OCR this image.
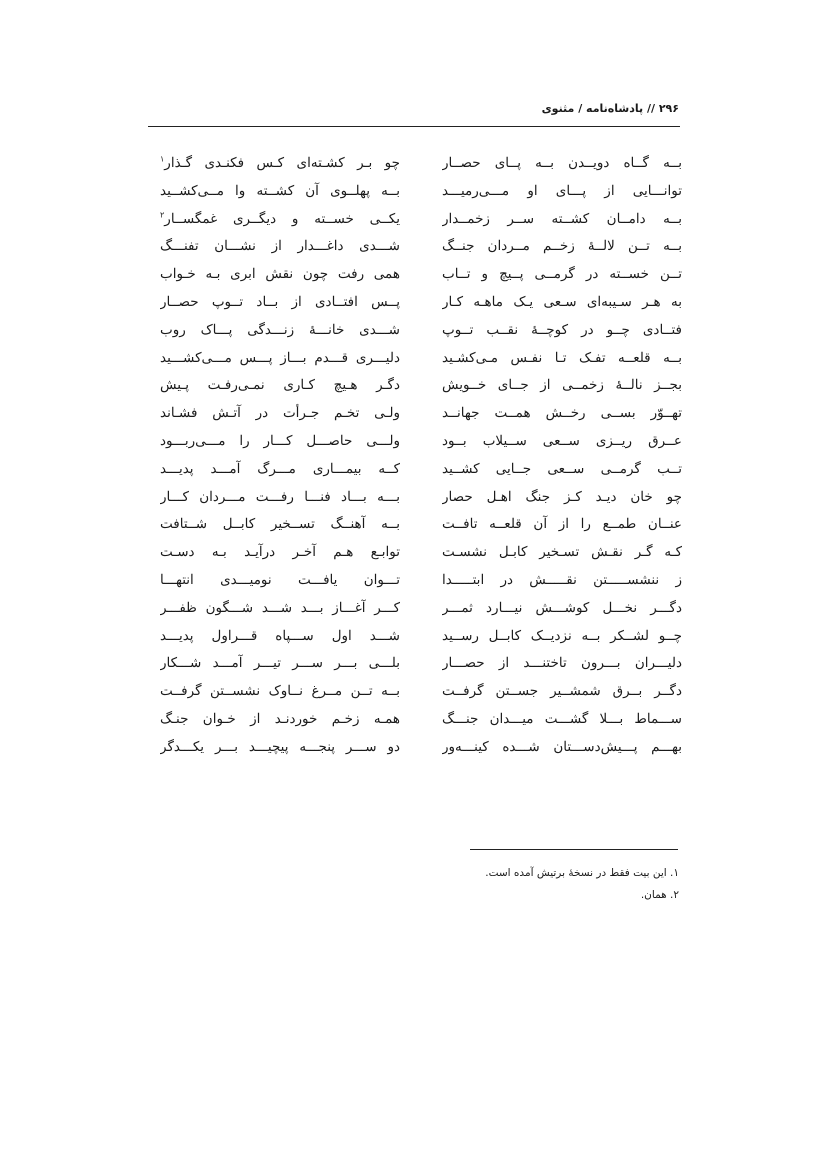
۲۹۶ // پادشاه‌نامه / مثنوی
بــه گــاه دویــدن بــه پــای حصــار
چو بـر کشـته‌ای کـس فکنـدی گـذار$^۱$
توانـــایی از پـــای او مـــی‌رمیـــد
بــه پهلــوی آن کشــته وا مــی‌کشــید
بــه دامــان کشــته ســر زخمــدار
یکــی خســته و دیگــری غمگســار$^۲$
بــه تــن لالــهٔ زخــم مــردان جنــگ
شـــدی داغـــدار از نشـــان تفنـــگ
تــن خســته در گرمــی پــیچ و تــاب
همی رفت چون نقش ابری بـه خـواب
به هـر سـیبه‌ای سـعی یـک ماهـه کـار
پــس افتــادی از بــاد تــوپ حصــار
فتــادی چــو در کوچــهٔ نقــب تــوپ
شـــدی خانـــهٔ زنـــدگی پـــاک روب
بــه قلعــه تفـک تـا نفـس مـی‌کشـید
دلیـــری قـــدم بـــاز پـــس مـــی‌کشـــید
بجــز نالــهٔ زخمــی از جــای خــویش
دگـر هـیچ کـاری نمـی‌رفـت پـیش
تهــوّر بســی رخــش همــت جهانــد
ولـی تخـم جـرأت در آتـش فشـاند
عــرق ریــزی ســعی ســیلاب بــود
ولـــی حاصـــل کـــار را مـــی‌ربـــود
تــب گرمــی ســعی جــایی کشــید
کــه بیمـــاری مـــرگ آمـــد پدیـــد
چو خان دیـد کـز جنگ اهـل حصار
بـــه بـــاد فنـــا رفـــت مـــردان کـــار
عنــان طمــع را از آن قلعــه تافــت
بــه آهنــگ تســخیر کابــل شــتافت
کـه گـر نقـش تسـخیر کابـل نشسـت
توابـع هـم آخـر درآیـد بـه دسـت
ز ننشســـــتن نقـــــش در ابتـــــدا
تـــوان یافـــت نومیـــدی انتهـــا
دگـــر نخـــل کوشـــش نیـــارد ثمـــر
کـــر آغـــاز بـــد شـــد شـــگون ظفـــر
چــو لشــکر بــه نزدیــک کابــل رســید
شـــد اول ســـپاه قـــراول پدیـــد
دلیـــران بـــرون تاختنـــد از حصـــار
بلـــی بـــر ســـر تیـــر آمـــد شـــکار
دگــر بــرق شمشــیر جســتن گرفــت
بــه تــن مــرغ نــاوک نشســتن گرفــت
ســـماط بـــلا گشـــت میـــدان جنـــگ
همـه زخـم خوردنـد از خـوان جنـگ
بهـــم پـــیش‌دســـتان شـــده کینـــه‌ور
دو ســـر پنجـــه پیچیـــد بـــر یکـــدگر
۱. این بیت فقط در نسخهٔ برتیش آمده است.
۲. همان.
